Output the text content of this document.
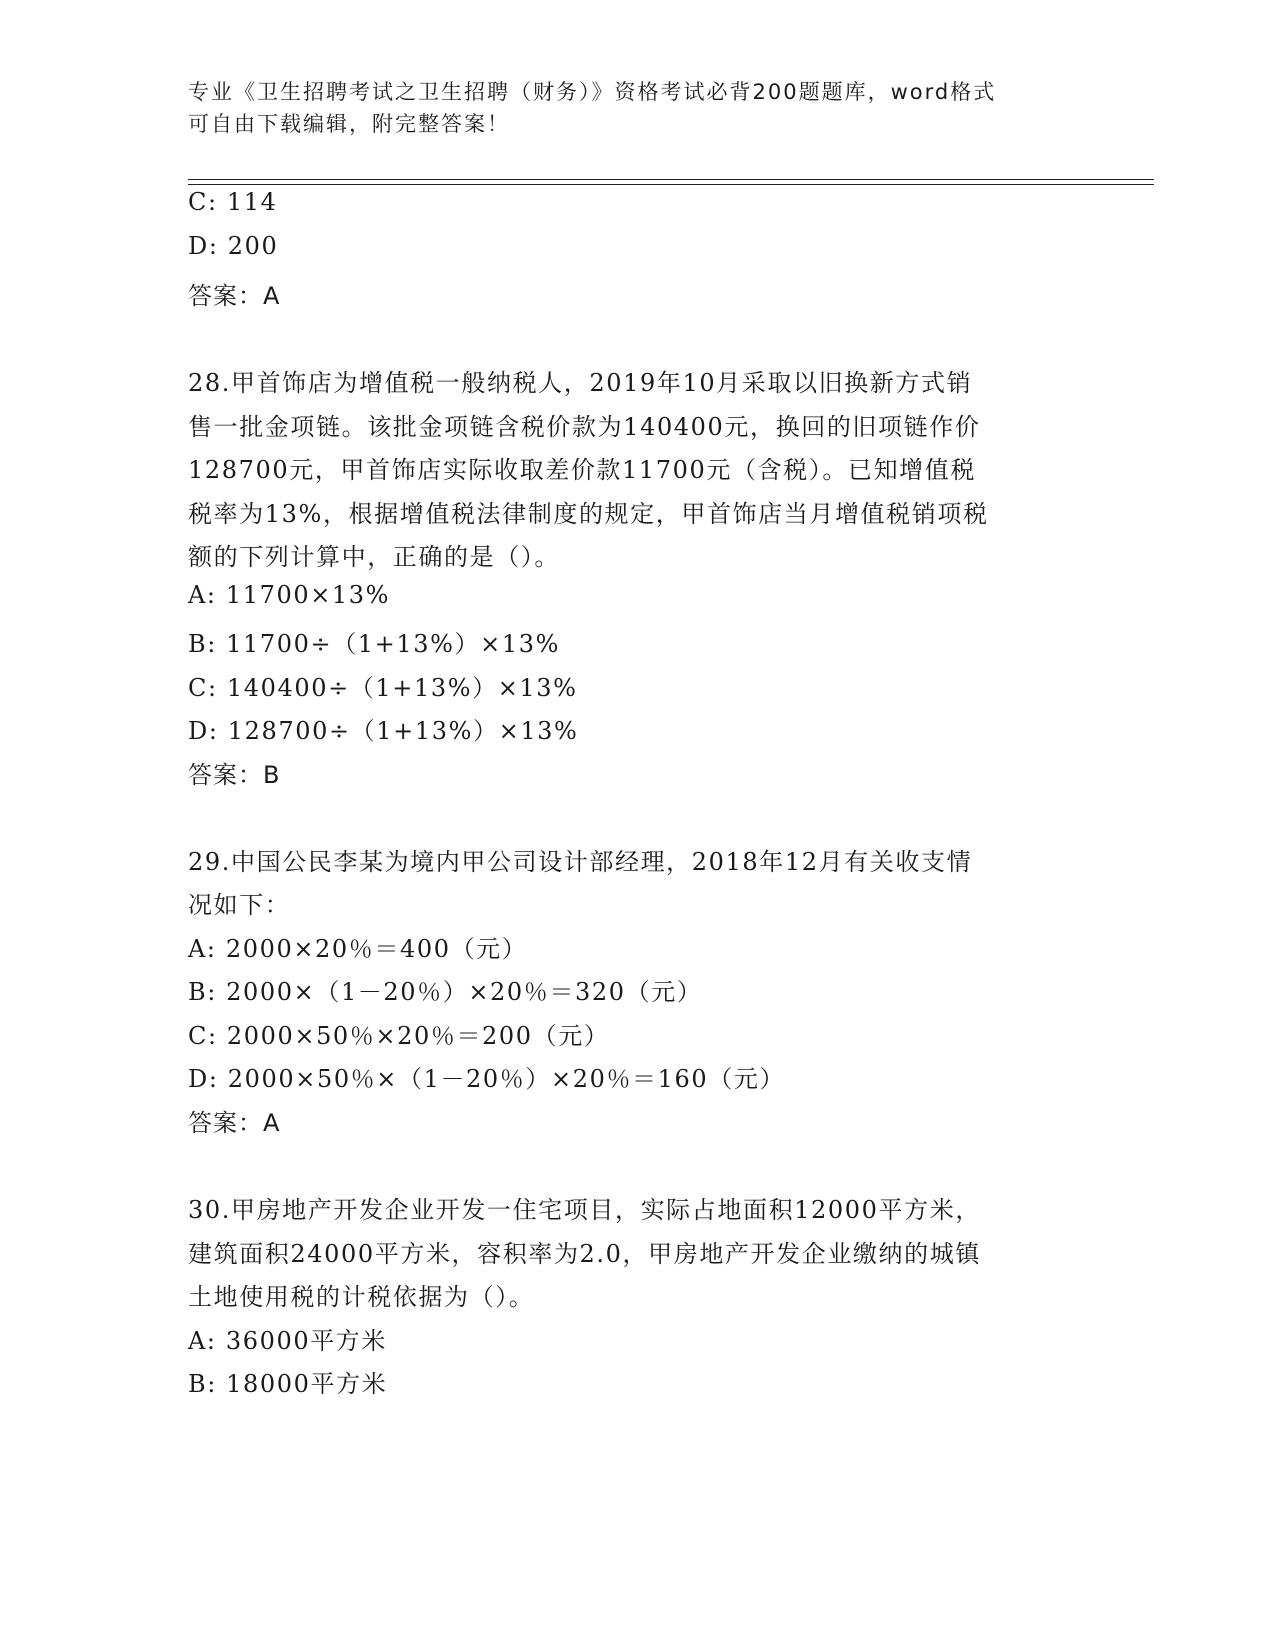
专业《卫生招聘考试之卫生招聘（财务）》资格考试必背200题题库，word格式
可自由下载编辑，附完整答案！
C: 114
D: 200
答案：A
28.甲首饰店为增值税一般纳税人，2019年10月采取以旧换新方式销
售一批金项链。该批金项链含税价款为140400元，换回的旧项链作价
128700元，甲首饰店实际收取差价款11700元（含税）。已知增值税
税率为13%，根据增值税法律制度的规定，甲首饰店当月增值税销项税
额的下列计算中，正确的是（）。
A: 11700×13%
B: 11700÷（1+13%）×13%
C: 140400÷（1+13%）×13%
D: 128700÷（1+13%）×13%
答案：B
29.中国公民李某为境内甲公司设计部经理，2018年12月有关收支情
况如下：
A: 2000×20％＝400（元）
B: 2000×（1－20％）×20％＝320（元）
C: 2000×50％×20％＝200（元）
D: 2000×50％×（1－20％）×20％＝160（元）
答案：A
30.甲房地产开发企业开发一住宅项目，实际占地面积12000平方米，
建筑面积24000平方米，容积率为2.0，甲房地产开发企业缴纳的城镇
土地使用税的计税依据为（）。
A: 36000平方米
B: 18000平方米
